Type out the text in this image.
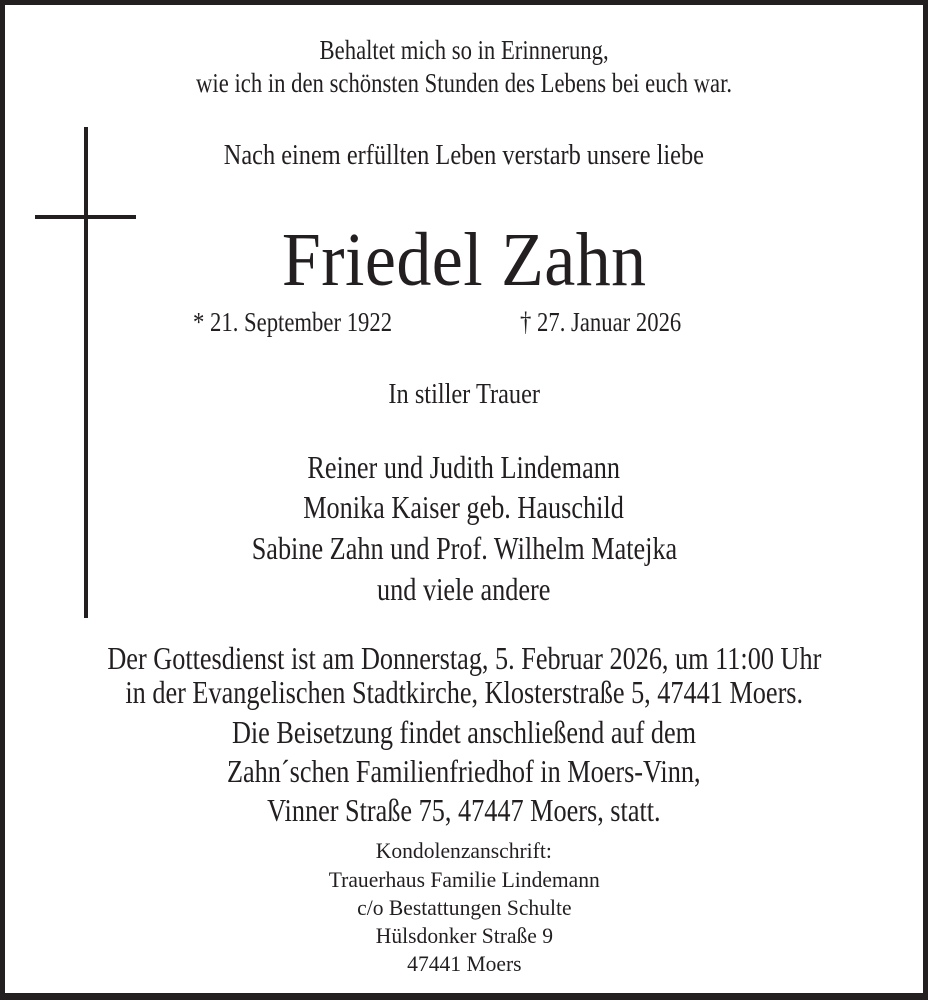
Behaltet mich so in Erinnerung,
wie ich in den schönsten Stunden des Lebens bei euch war.
Nach einem erfüllten Leben verstarb unsere liebe
Friedel Zahn
* 21. September 1922	† 27. Januar 2026
In stiller Trauer
Reiner und Judith Lindemann
Monika Kaiser geb. Hauschild
Sabine Zahn und Prof. Wilhelm Matejka
und viele andere
Der Gottesdienst ist am Donnerstag, 5. Februar 2026, um 11:00 Uhr
in der Evangelischen Stadtkirche, Klosterstraße 5, 47441 Moers.
Die Beisetzung findet anschließend auf dem
Zahn´schen Familienfriedhof in Moers-Vinn,
Vinner Straße 75, 47447 Moers, statt.
Kondolenzanschrift:
Trauerhaus Familie Lindemann
c/o Bestattungen Schulte
Hülsdonker Straße 9
47441 Moers
